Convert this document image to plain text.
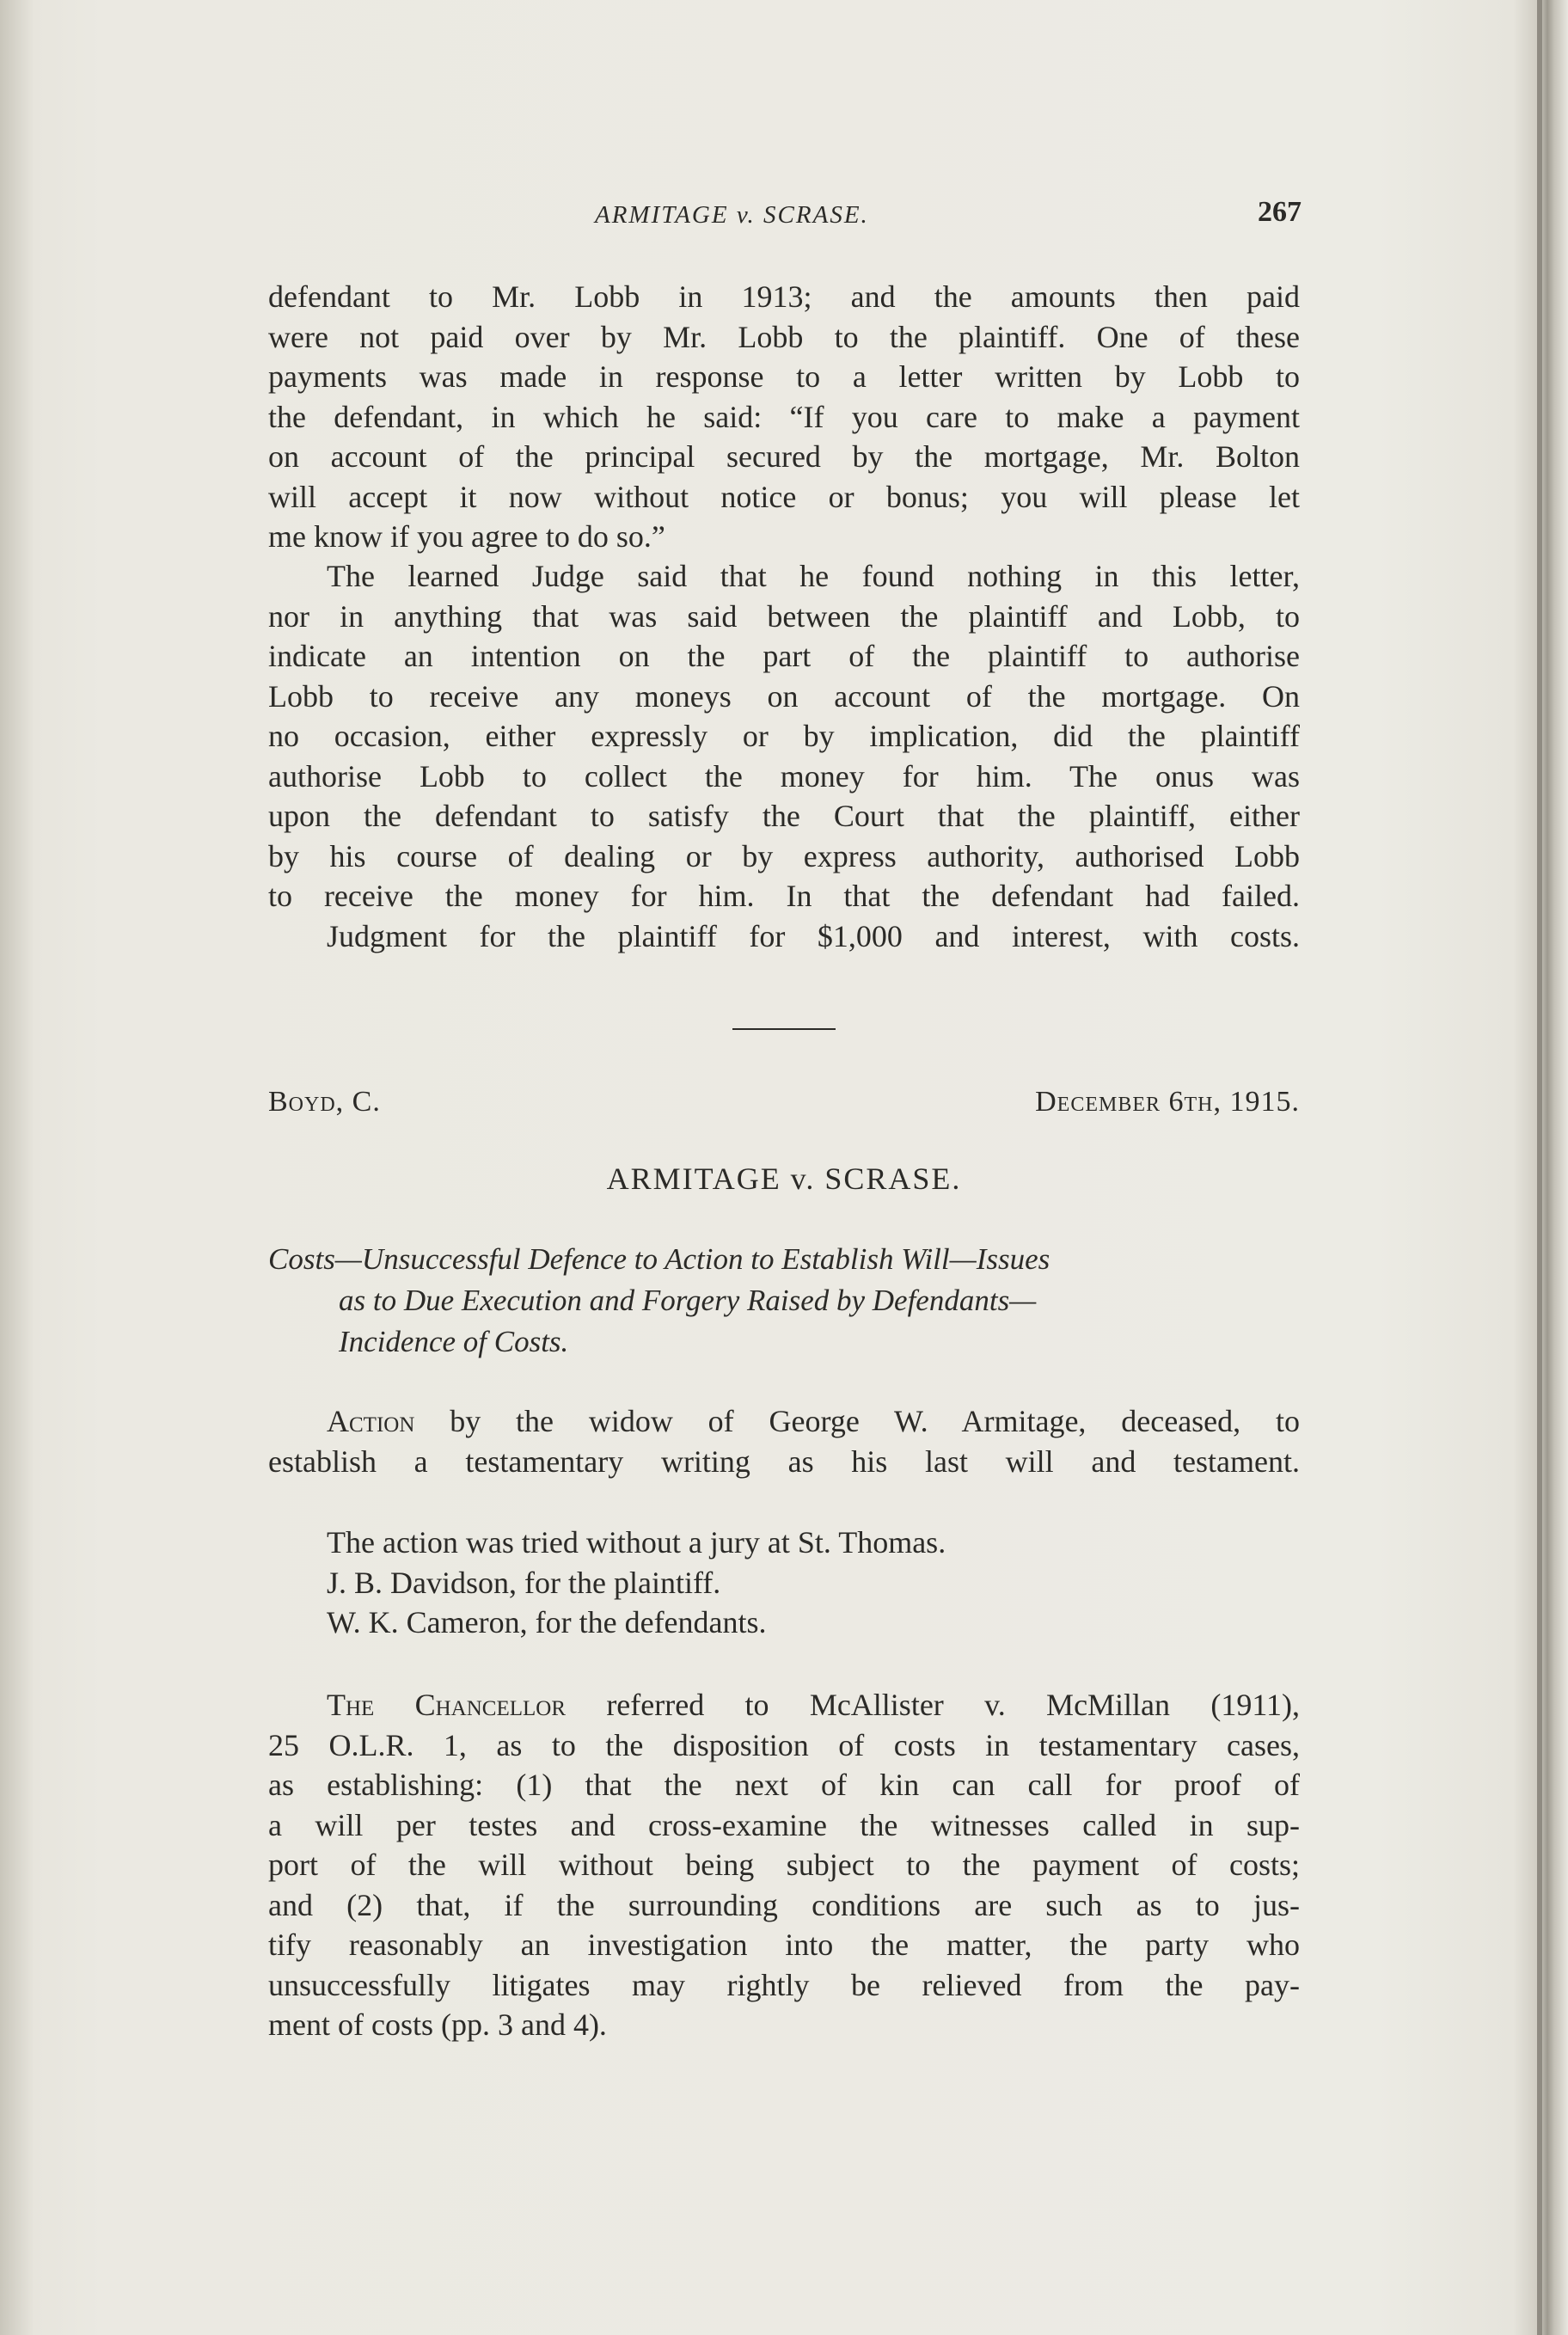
ARMITAGE v. SCRASE.	267
defendant to Mr. Lobb in 1913; and the amounts then paid
were not paid over by Mr. Lobb to the plaintiff. One of these
payments was made in response to a letter written by Lobb to
the defendant, in which he said: “If you care to make a payment
on account of the principal secured by the mortgage, Mr. Bolton
will accept it now without notice or bonus; you will please let
me know if you agree to do so.”
The learned Judge said that he found nothing in this letter,
nor in anything that was said between the plaintiff and Lobb, to
indicate an intention on the part of the plaintiff to authorise
Lobb to receive any moneys on account of the mortgage. On
no occasion, either expressly or by implication, did the plaintiff
authorise Lobb to collect the money for him. The onus was
upon the defendant to satisfy the Court that the plaintiff, either
by his course of dealing or by express authority, authorised Lobb
to receive the money for him. In that the defendant had failed.
Judgment for the plaintiff for $1,000 and interest, with costs.
Boyd, C.	December 6th, 1915.
ARMITAGE v. SCRASE.
Costs—Unsuccessful Defence to Action to Establish Will—Issues
as to Due Execution and Forgery Raised by Defendants—
Incidence of Costs.
Action by the widow of George W. Armitage, deceased, to
establish a testamentary writing as his last will and testament.
The action was tried without a jury at St. Thomas.
J. B. Davidson, for the plaintiff.
W. K. Cameron, for the defendants.
The Chancellor referred to McAllister v. McMillan (1911),
25 O.L.R. 1, as to the disposition of costs in testamentary cases,
as establishing: (1) that the next of kin can call for proof of
a will per testes and cross-examine the witnesses called in sup-
port of the will without being subject to the payment of costs;
and (2) that, if the surrounding conditions are such as to jus-
tify reasonably an investigation into the matter, the party who
unsuccessfully litigates may rightly be relieved from the pay-
ment of costs (pp. 3 and 4).
